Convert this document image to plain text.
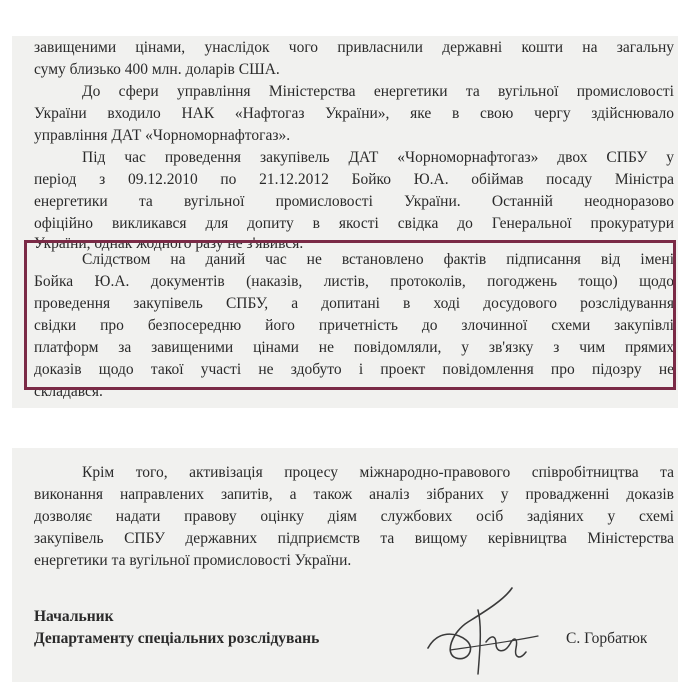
завищеними цінами, унаслідок чого привласнили державні кошти на загальну
суму близько 400 млн. доларів США.
До сфери управління Міністерства енергетики та вугільної промисловості
України входило НАК «Нафтогаз України», яке в свою чергу здійснювало
управління ДАТ «Чорноморнафтогаз».
Під час проведення закупівель ДАТ «Чорноморнафтогаз» двох СПБУ у
період з 09.12.2010 по 21.12.2012 Бойко Ю.А. обіймав посаду Міністра
енергетики та вугільної промисловості України. Останній неодноразово
офіційно викликався для допиту в якості свідка до Генеральної прокуратури
України, однак жодного разу не з'явився.
Слідством на даний час не встановлено фактів підписання від імені
Бойка Ю.А. документів (наказів, листів, протоколів, погоджень тощо) щодо
проведення закупівель СПБУ, а допитані в ході досудового розслідування
свідки про безпосередню його причетність до злочинної схеми закупівлі
платформ за завищеними цінами не повідомляли, у зв'язку з чим прямих
доказів щодо такої участі не здобуто і проект повідомлення про підозру не
складався.
Крім того, активізація процесу міжнародно-правового співробітництва та
виконання направлених запитів, а також аналіз зібраних у провадженні доказів
дозволяє надати правову оцінку діям службових осіб задіяних у схемі
закупівель СПБУ державних підприємств та вищому керівництва Міністерства
енергетики та вугільної промисловості України.
Начальник
Департаменту спеціальних розслідувань	С. Горбатюк
